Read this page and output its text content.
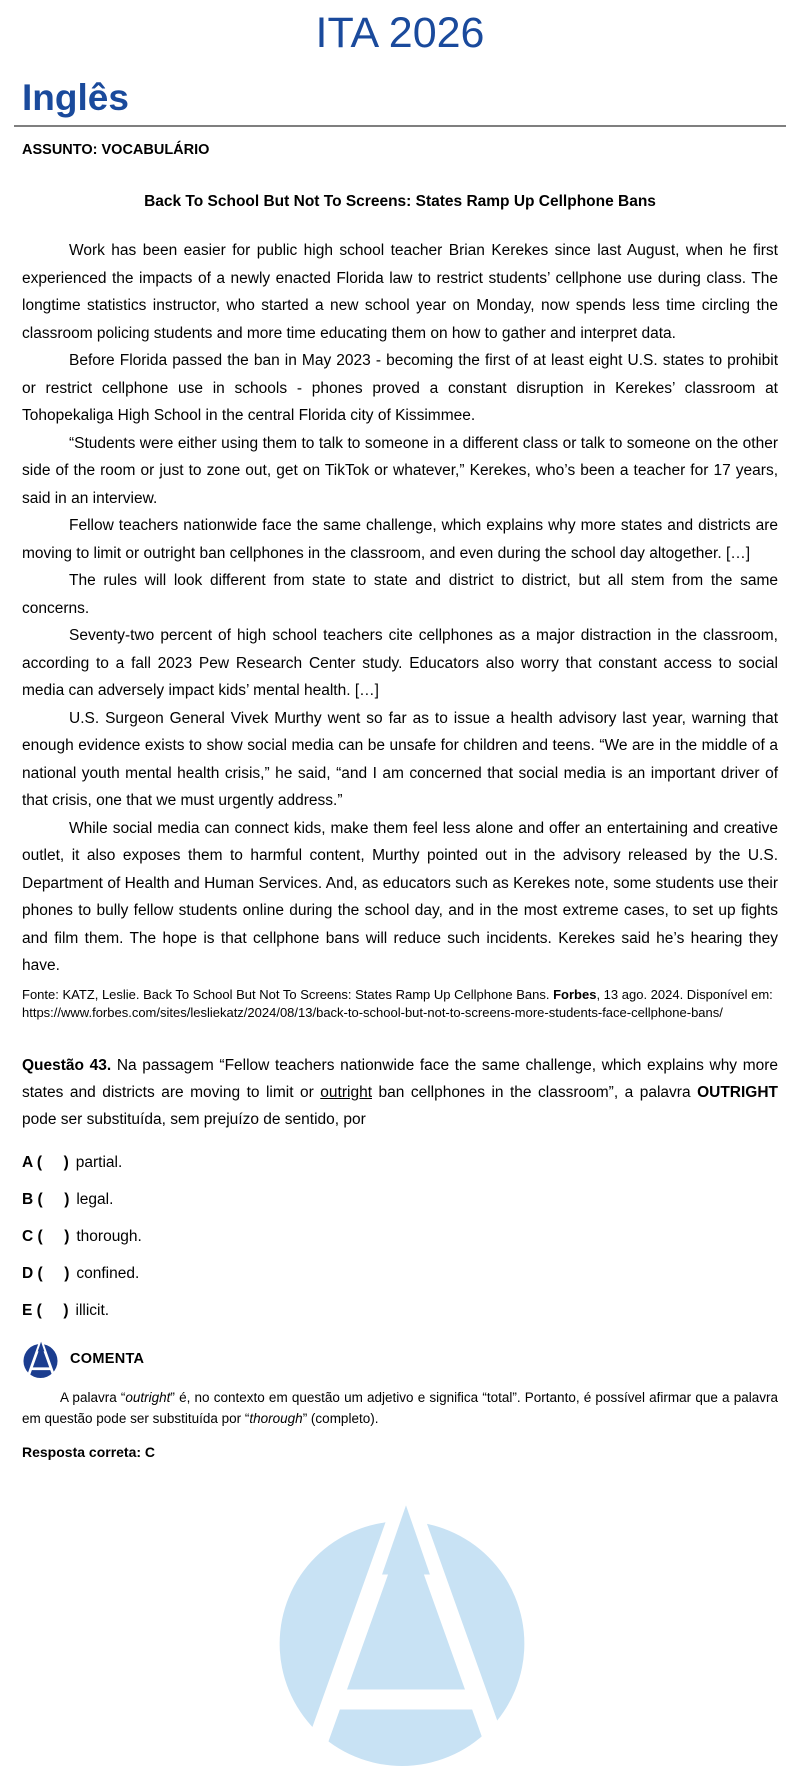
ITA 2026
Inglês
ASSUNTO: VOCABULÁRIO
Back To School But Not To Screens: States Ramp Up Cellphone Bans

Work has been easier for public high school teacher Brian Kerekes since last August, when he first experienced the impacts of a newly enacted Florida law to restrict students’ cellphone use during class. The longtime statistics instructor, who started a new school year on Monday, now spends less time circling the classroom policing students and more time educating them on how to gather and interpret data.

Before Florida passed the ban in May 2023 - becoming the first of at least eight U.S. states to prohibit or restrict cellphone use in schools - phones proved a constant disruption in Kerekes’ classroom at Tohopekaliga High School in the central Florida city of Kissimmee.

“Students were either using them to talk to someone in a different class or talk to someone on the other side of the room or just to zone out, get on TikTok or whatever,” Kerekes, who’s been a teacher for 17 years, said in an interview.

Fellow teachers nationwide face the same challenge, which explains why more states and districts are moving to limit or outright ban cellphones in the classroom, and even during the school day altogether. […]

The rules will look different from state to state and district to district, but all stem from the same concerns.

Seventy-two percent of high school teachers cite cellphones as a major distraction in the classroom, according to a fall 2023 Pew Research Center study. Educators also worry that constant access to social media can adversely impact kids’ mental health. […]

U.S. Surgeon General Vivek Murthy went so far as to issue a health advisory last year, warning that enough evidence exists to show social media can be unsafe for children and teens. “We are in the middle of a national youth mental health crisis,” he said, “and I am concerned that social media is an important driver of that crisis, one that we must urgently address.”

While social media can connect kids, make them feel less alone and offer an entertaining and creative outlet, it also exposes them to harmful content, Murthy pointed out in the advisory released by the U.S. Department of Health and Human Services. And, as educators such as Kerekes note, some students use their phones to bully fellow students online during the school day, and in the most extreme cases, to set up fights and film them. The hope is that cellphone bans will reduce such incidents. Kerekes said he’s hearing they have.

Fonte: KATZ, Leslie. Back To School But Not To Screens: States Ramp Up Cellphone Bans. Forbes, 13 ago. 2024. Disponível em: https://www.forbes.com/sites/lesliekatz/2024/08/13/back-to-school-but-not-to-screens-more-students-face-cellphone-bans/
Questão 43. Na passagem “Fellow teachers nationwide face the same challenge, which explains why more states and districts are moving to limit or outright ban cellphones in the classroom”, a palavra OUTRIGHT pode ser substituída, sem prejuízo de sentido, por
A (     ) partial.
B (     ) legal.
C (     ) thorough.
D (     ) confined.
E (     ) illicit.
COMENTA
A palavra “outright” é, no contexto em questão um adjetivo e significa “total”. Portanto, é possível afirmar que a palavra em questão pode ser substituída por “thorough” (completo).
Resposta correta: C
